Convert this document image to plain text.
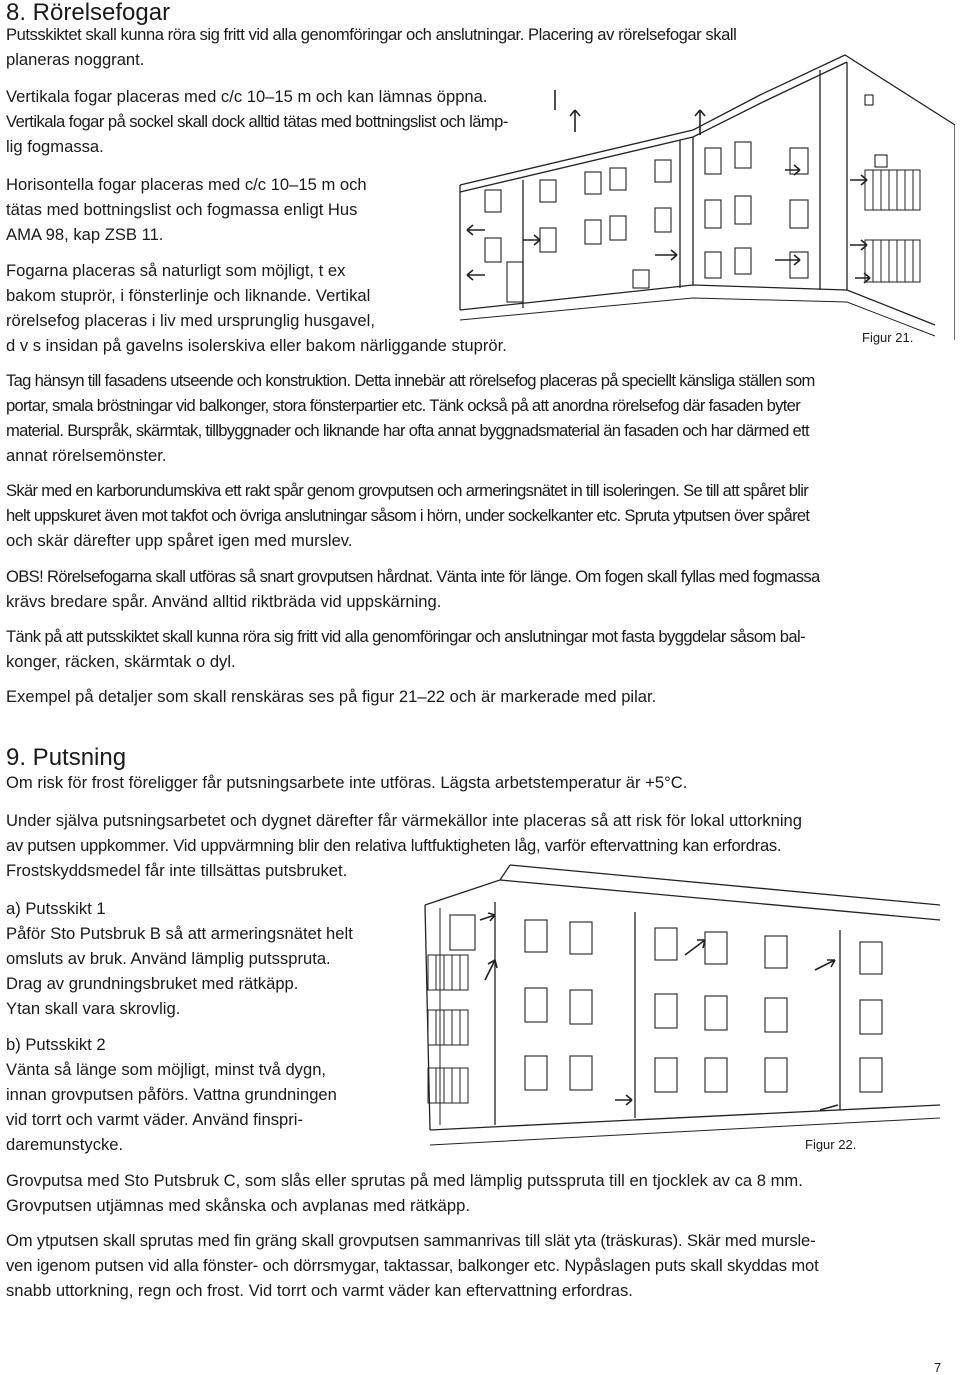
8. Rörelsefogar
Putsskiktet skall kunna röra sig fritt vid alla genomföringar och anslutningar. Placering av rörelsefogar skall
planeras noggrant.
Vertikala fogar placeras med c/c 10–15 m och kan lämnas öppna.
Vertikala fogar på sockel skall dock alltid tätas med bottningslist och lämp-
lig fogmassa.
Horisontella fogar placeras med c/c 10–15 m och
tätas med bottningslist och fogmassa enligt Hus
AMA 98, kap ZSB 11.
Fogarna placeras så naturligt som möjligt, t ex
bakom stuprör, i fönsterlinje och liknande. Vertikal
rörelsefog placeras i liv med ursprunglig husgavel,
d v s insidan på gavelns isolerskiva eller bakom närliggande stuprör.	Figur 21.
Tag hänsyn till fasadens utseende och konstruktion. Detta innebär att rörelsefog placeras på speciellt känsliga ställen som
portar, smala bröstningar vid balkonger, stora fönsterpartier etc. Tänk också på att anordna rörelsefog där fasaden byter
material. Burspråk, skärmtak, tillbyggnader och liknande har ofta annat byggnadsmaterial än fasaden och har därmed ett
annat rörelsemönster.
Skär med en karborundumskiva ett rakt spår genom grovputsen och armeringsnätet in till isoleringen. Se till att spåret blir
helt uppskuret även mot takfot och övriga anslutningar såsom i hörn, under sockelkanter etc. Spruta ytputsen över spåret
och skär därefter upp spåret igen med murslev.
OBS! Rörelsefogarna skall utföras så snart grovputsen hårdnat. Vänta inte för länge. Om fogen skall fyllas med fogmassa
krävs bredare spår. Använd alltid riktbräda vid uppskärning.
Tänk på att putsskiktet skall kunna röra sig fritt vid alla genomföringar och anslutningar mot fasta byggdelar såsom bal-
konger, räcken, skärmtak o dyl.
Exempel på detaljer som skall renskäras ses på figur 21–22 och är markerade med pilar.
9. Putsning
Om risk för frost föreligger får putsningsarbete inte utföras. Lägsta arbetstemperatur är +5°C.
Under själva putsningsarbetet och dygnet därefter får värmekällor inte placeras så att risk för lokal uttorkning
av putsen uppkommer. Vid uppvärmning blir den relativa luftfuktigheten låg, varför eftervattning kan erfordras.
Frostskyddsmedel får inte tillsättas putsbruket.
a) Putsskikt 1
Påför Sto Putsbruk B så att armeringsnätet helt
omsluts av bruk. Använd lämplig putsspruta.
Drag av grundningsbruket med rätkäpp.
Ytan skall vara skrovlig.
b) Putsskikt 2
Vänta så länge som möjligt, minst två dygn,
innan grovputsen påförs. Vattna grundningen
vid torrt och varmt väder. Använd finspri-
daremunstycke.	Figur 22.
Grovputsa med Sto Putsbruk C, som slås eller sprutas på med lämplig putsspruta till en tjocklek av ca 8 mm.
Grovputsen utjämnas med skånska och avplanas med rätkäpp.
Om ytputsen skall sprutas med fin gräng skall grovputsen sammanrivas till slät yta (träskuras). Skär med mursle-
ven igenom putsen vid alla fönster- och dörrsmygar, taktassar, balkonger etc. Nypåslagen puts skall skyddas mot
snabb uttorkning, regn och frost. Vid torrt och varmt väder kan eftervattning erfordras.
7
